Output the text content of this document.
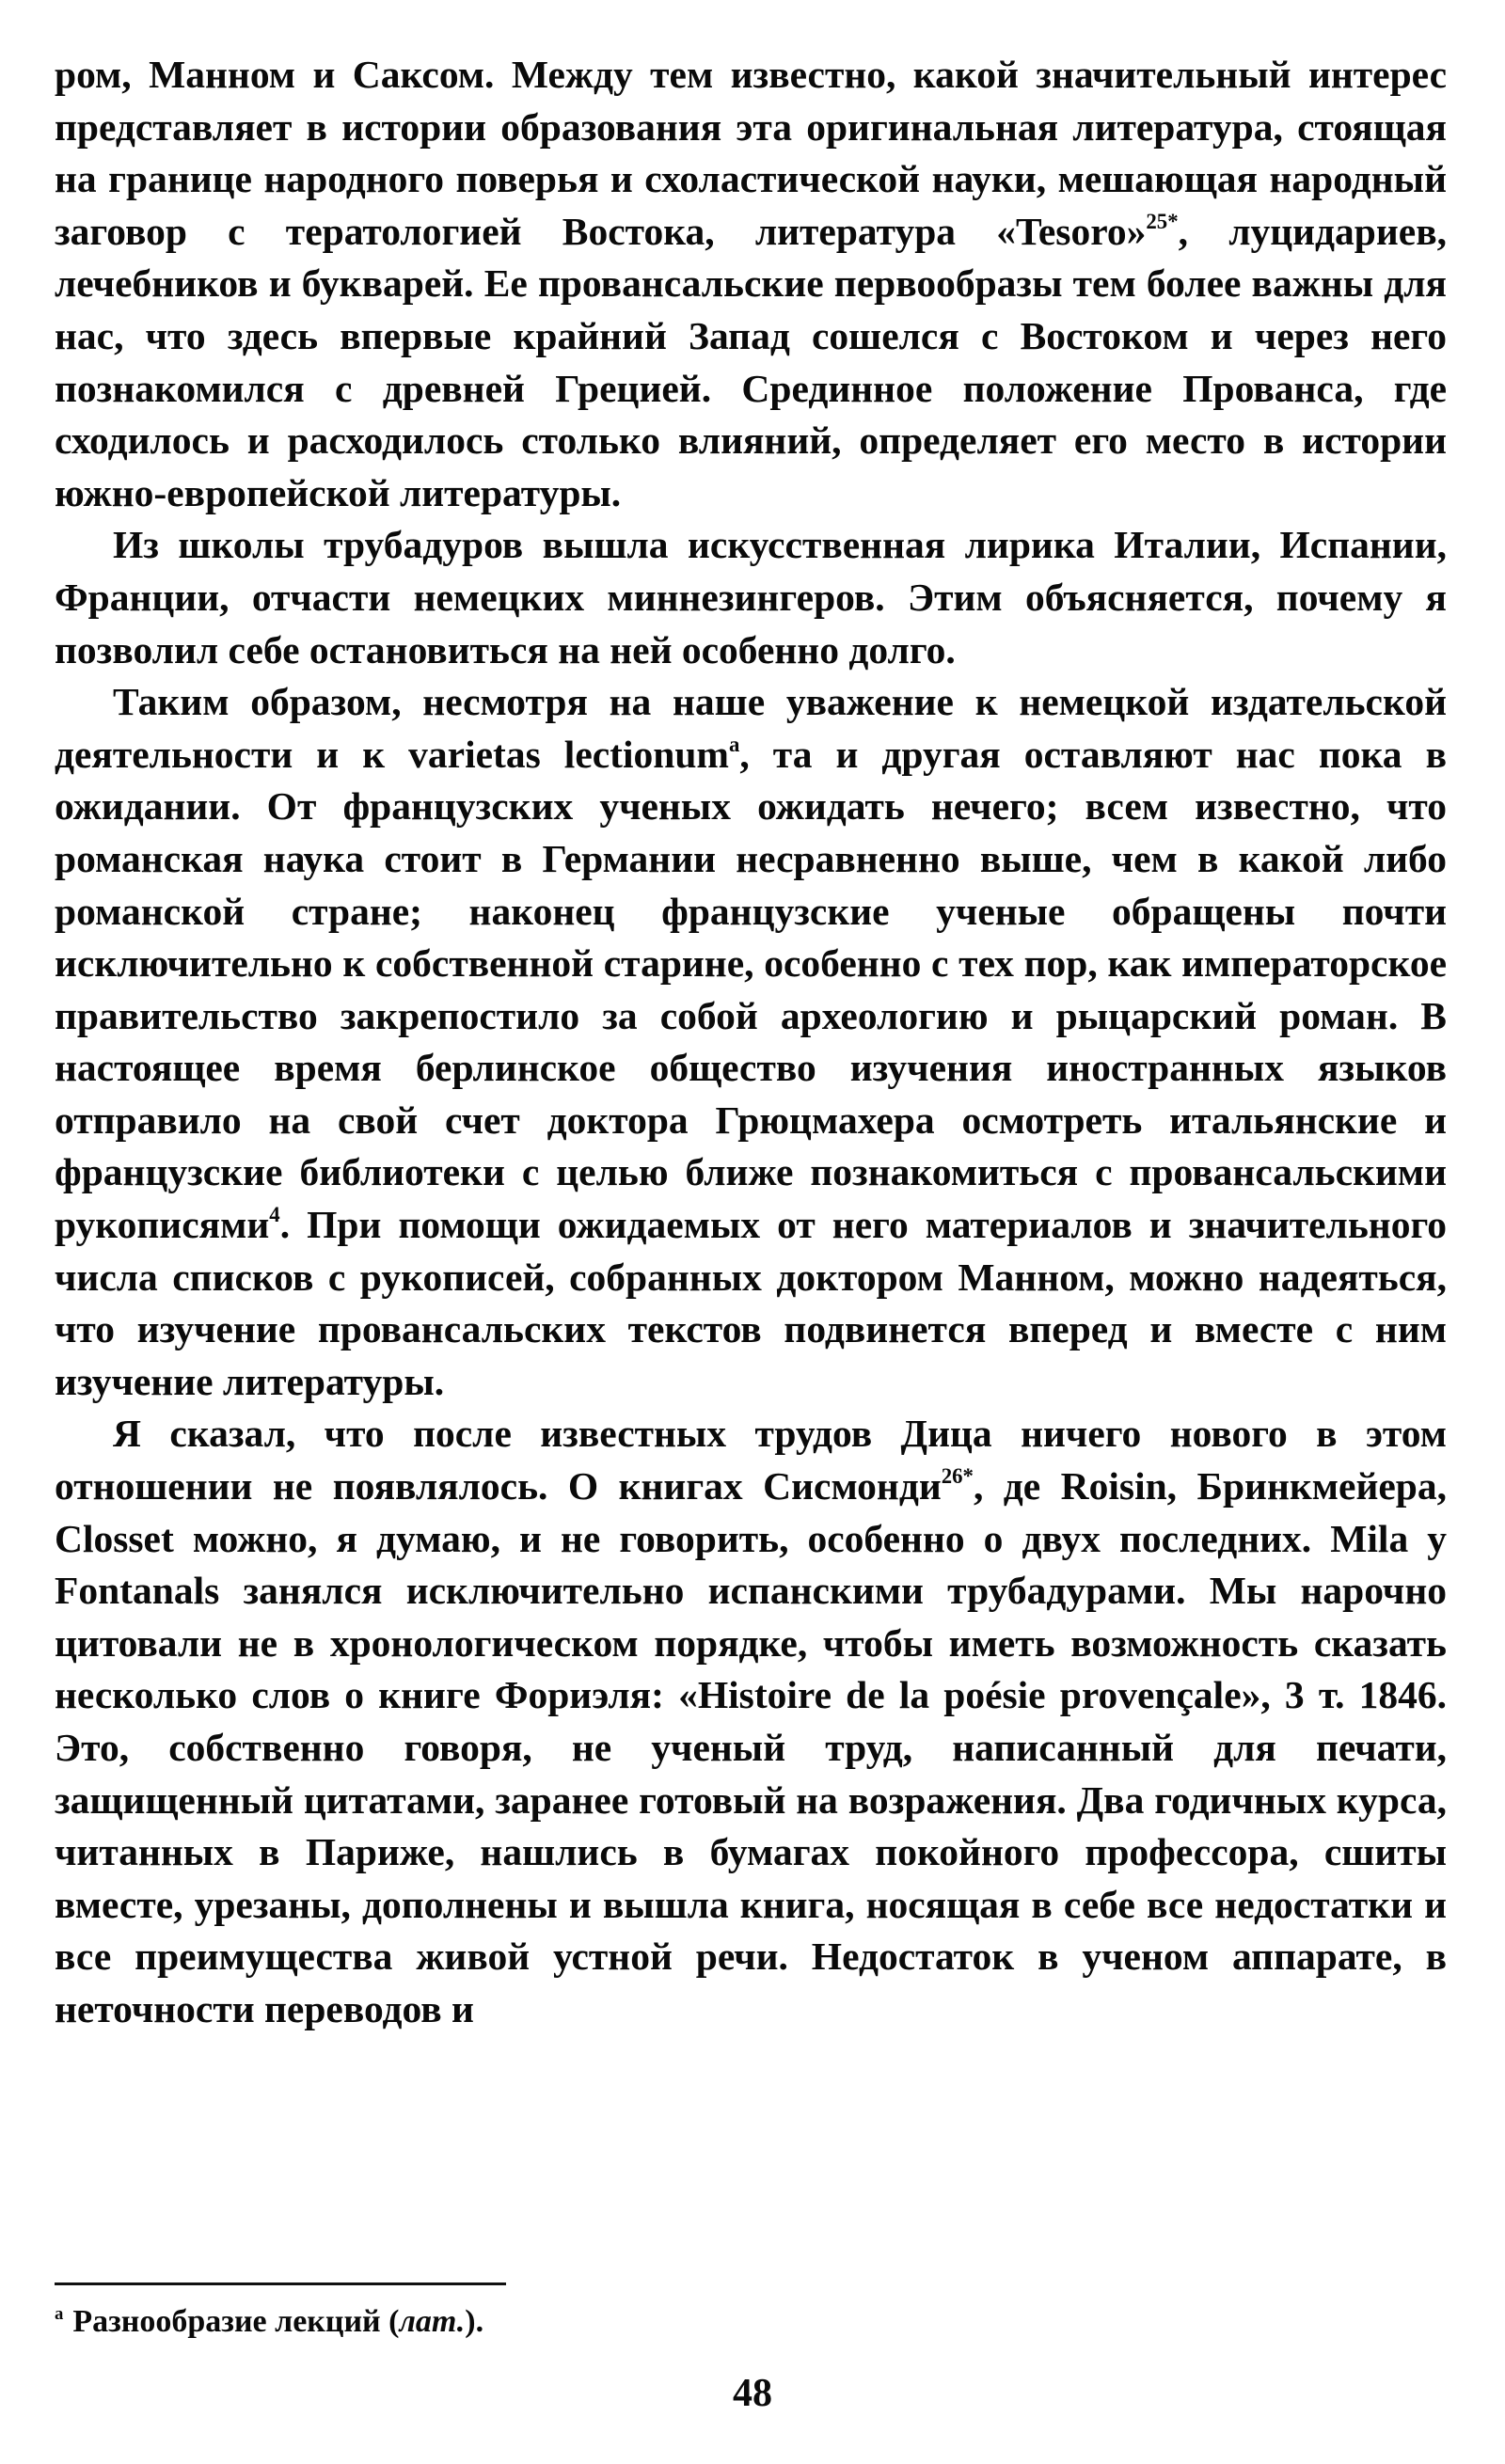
ром, Манном и Саксом. Между тем известно, какой значительный интерес представляет в истории образования эта оригинальная литература, стоящая на границе народного поверья и схоластической науки, мешающая народный заговор с тератологией Востока, литература «Tesoro»$^{25*}$, луцидариев, лечебников и букварей. Ее провансальские первообразы тем более важны для нас, что здесь впервые крайний Запад сошелся с Востоком и через него познакомился с древней Грецией. Срединное положение Прованса, где сходилось и расходилось столько влияний, определяет его место в истории южно-европейской литературы.

Из школы трубадуров вышла искусственная лирика Италии, Испании, Франции, отчасти немецких миннезингеров. Этим объясняется, почему я позволил себе остановиться на ней особенно долго.

Таким образом, несмотря на наше уважение к немецкой издательской деятельности и к varietas lectionum$^a$, та и другая оставляют нас пока в ожидании. От французских ученых ожидать нечего; всем известно, что романская наука стоит в Германии несравненно выше, чем в какой либо романской стране; наконец французские ученые обращены почти исключительно к собственной старине, особенно с тех пор, как императорское правительство закрепостило за собой археологию и рыцарский роман. В настоящее время берлинское общество изучения иностранных языков отправило на свой счет доктора Грюцмахера осмотреть итальянские и французские библиотеки с целью ближе познакомиться с провансальскими рукописями$^4$. При помощи ожидаемых от него материалов и значительного числа списков с рукописей, собранных доктором Манном, можно надеяться, что изучение провансальских текстов подвинется вперед и вместе с ним изучение литературы.

Я сказал, что после известных трудов Дица ничего нового в этом отношении не появлялось. О книгах Сисмонди$^{26*}$, де Roisin, Бринкмейера, Closset можно, я думаю, и не говорить, особенно о двух последних. Mila y Fontanals занялся исключительно испанскими трубадурами. Мы нарочно цитовали не в хронологическом порядке, чтобы иметь возможность сказать несколько слов о книге Фориэля: «Histoire de la poésie provençale», 3 т. 1846. Это, собственно говоря, не ученый труд, написанный для печати, защищенный цитатами, заранее готовый на возражения. Два годичных курса, читанных в Париже, нашлись в бумагах покойного профессора, сшиты вместе, урезаны, дополнены и вышла книга, носящая в себе все недостатки и все преимущества живой устной речи. Недостаток в ученом аппарате, в неточности переводов и

$^a$ Разнообразие лекций (лат.).

48
